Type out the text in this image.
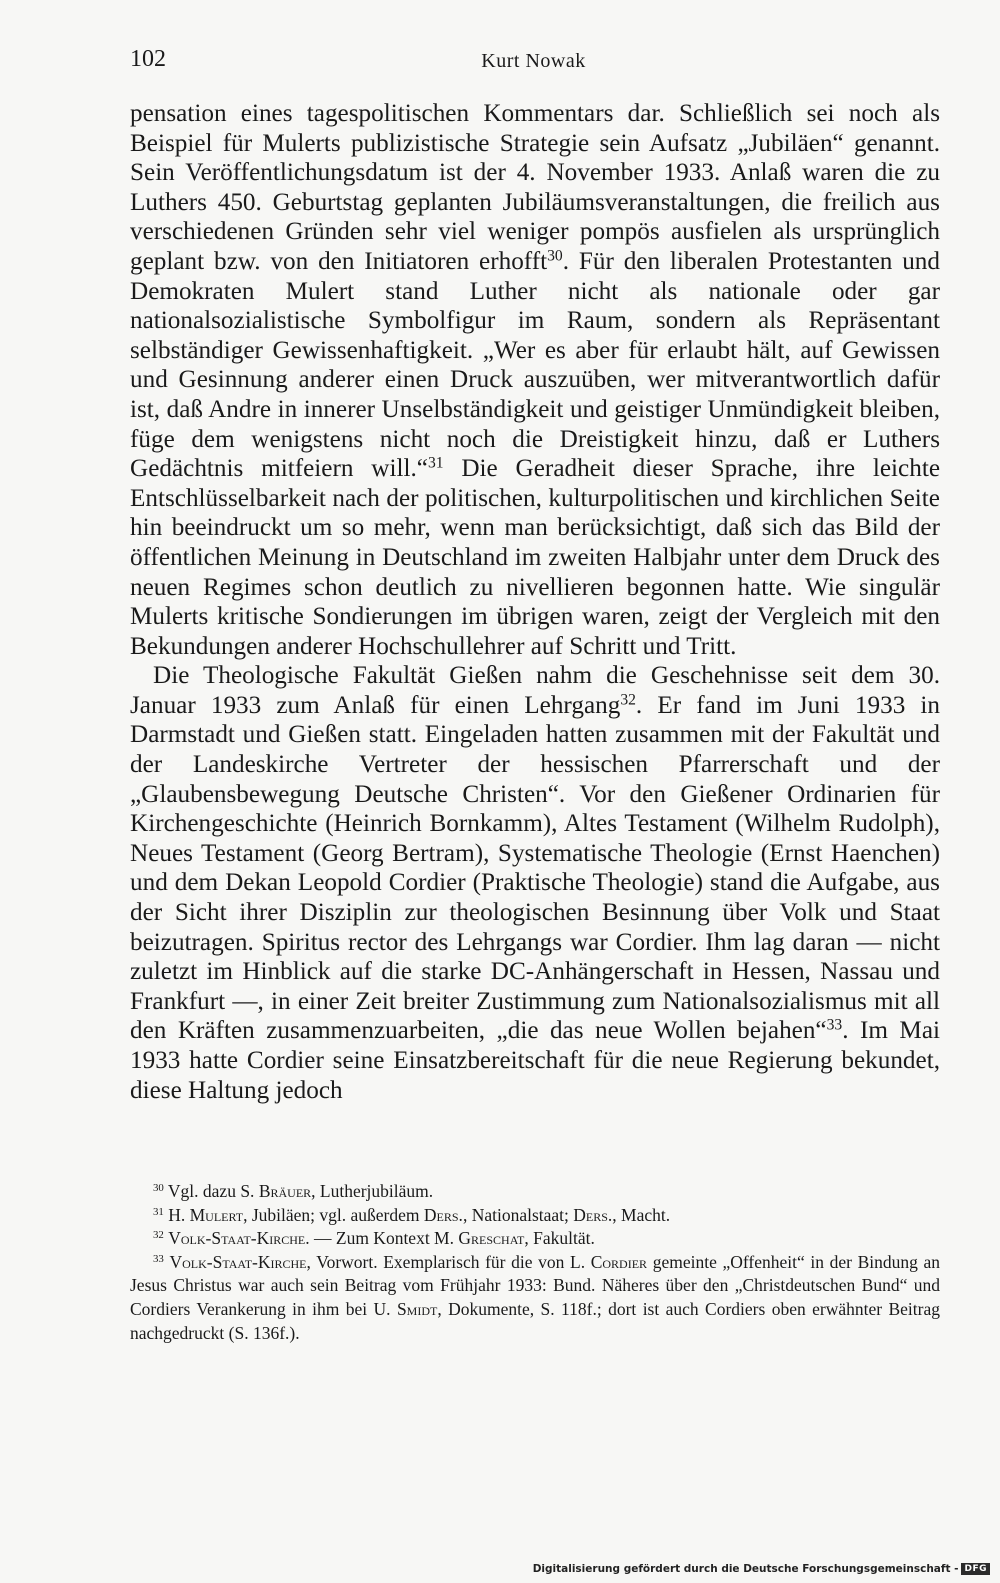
102	Kurt Nowak

pensation eines tagespolitischen Kommentars dar. Schließlich sei noch als Beispiel für Mulerts publizistische Strategie sein Aufsatz „Jubiläen“ genannt. Sein Veröffentlichungsdatum ist der 4. November 1933. Anlaß waren die zu Luthers 450. Geburtstag geplanten Jubiläumsveranstaltungen, die freilich aus verschiedenen Gründen sehr viel weniger pompös ausfielen als ursprünglich geplant bzw. von den Initiatoren erhofft$^{30}$. Für den liberalen Protestanten und Demokraten Mulert stand Luther nicht als nationale oder gar nationalsozialistische Symbolfigur im Raum, sondern als Repräsentant selbständiger Gewissenhaftigkeit. „Wer es aber für erlaubt hält, auf Gewissen und Gesinnung anderer einen Druck auszuüben, wer mitverantwortlich dafür ist, daß Andre in innerer Unselbständigkeit und geistiger Unmündigkeit bleiben, füge dem wenigstens nicht noch die Dreistigkeit hinzu, daß er Luthers Gedächtnis mitfeiern will.“$^{31}$ Die Geradheit dieser Sprache, ihre leichte Entschlüsselbarkeit nach der politischen, kulturpolitischen und kirchlichen Seite hin beeindruckt um so mehr, wenn man berücksichtigt, daß sich das Bild der öffentlichen Meinung in Deutschland im zweiten Halbjahr unter dem Druck des neuen Regimes schon deutlich zu nivellieren begonnen hatte. Wie singulär Mulerts kritische Sondierungen im übrigen waren, zeigt der Vergleich mit den Bekundungen anderer Hochschullehrer auf Schritt und Tritt.

Die Theologische Fakultät Gießen nahm die Geschehnisse seit dem 30. Januar 1933 zum Anlaß für einen Lehrgang$^{32}$. Er fand im Juni 1933 in Darmstadt und Gießen statt. Eingeladen hatten zusammen mit der Fakultät und der Landeskirche Vertreter der hessischen Pfarrerschaft und der „Glaubensbewegung Deutsche Christen“. Vor den Gießener Ordinarien für Kirchengeschichte (Heinrich Bornkamm), Altes Testament (Wilhelm Rudolph), Neues Testament (Georg Bertram), Systematische Theologie (Ernst Haenchen) und dem Dekan Leopold Cordier (Praktische Theologie) stand die Aufgabe, aus der Sicht ihrer Disziplin zur theologischen Besinnung über Volk und Staat beizutragen. Spiritus rector des Lehrgangs war Cordier. Ihm lag daran — nicht zuletzt im Hinblick auf die starke DC-Anhängerschaft in Hessen, Nassau und Frankfurt —, in einer Zeit breiter Zustimmung zum Nationalsozialismus mit all den Kräften zusammenzuarbeiten, „die das neue Wollen bejahen“$^{33}$. Im Mai 1933 hatte Cordier seine Einsatzbereitschaft für die neue Regierung bekundet, diese Haltung jedoch

$^{30}$ Vgl. dazu S. Bräuer, Lutherjubiläum.

$^{31}$ H. Mulert, Jubiläen; vgl. außerdem Ders., Nationalstaat; Ders., Macht.

$^{32}$ Volk-Staat-Kirche. — Zum Kontext M. Greschat, Fakultät.

$^{33}$ Volk-Staat-Kirche, Vorwort. Exemplarisch für die von L. Cordier gemeinte „Offenheit“ in der Bindung an Jesus Christus war auch sein Beitrag vom Frühjahr 1933: Bund. Näheres über den „Christdeutschen Bund“ und Cordiers Verankerung in ihm bei U. Smidt, Dokumente, S. 118f.; dort ist auch Cordiers oben erwähnter Beitrag nachgedruckt (S. 136f.).

Digitalisierung gefördert durch die Deutsche Forschungsgemeinschaft - DFG
